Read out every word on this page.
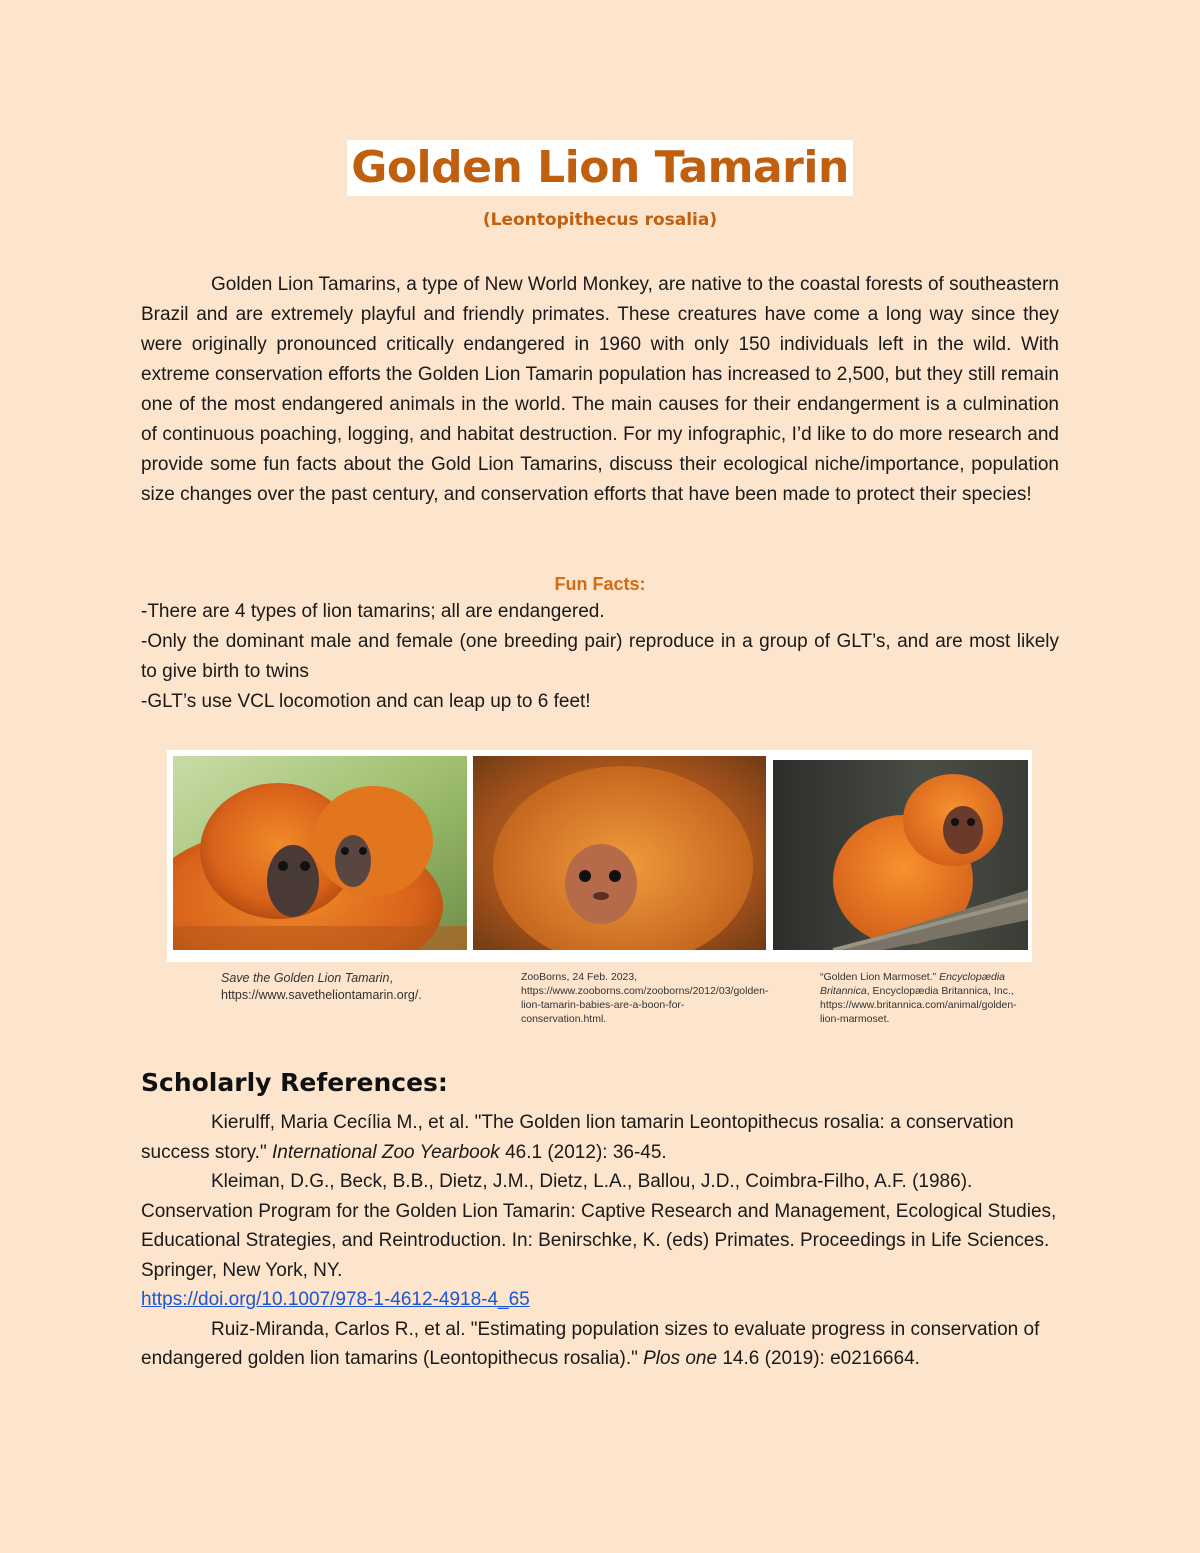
Golden Lion Tamarin
(Leontopithecus rosalia)

Golden Lion Tamarins, a type of New World Monkey, are native to the coastal forests of southeastern Brazil and are extremely playful and friendly primates. These creatures have come a long way since they were originally pronounced critically endangered in 1960 with only 150 individuals left in the wild. With extreme conservation efforts the Golden Lion Tamarin population has increased to 2,500, but they still remain one of the most endangered animals in the world. The main causes for their endangerment is a culmination of continuous poaching, logging, and habitat destruction. For my infographic, I’d like to do more research and provide some fun facts about the Gold Lion Tamarins, discuss their ecological niche/importance, population size changes over the past century, and conservation efforts that have been made to protect their species!

Fun Facts:
-There are 4 types of lion tamarins; all are endangered.
-Only the dominant male and female (one breeding pair) reproduce in a group of GLT’s, and are most likely to give birth to twins
-GLT’s use VCL locomotion and can leap up to 6 feet!
Save the Golden Lion Tamarin, https://www.savetheliontamarin.org/.
ZooBorns, 24 Feb. 2023, https://www.zooborns.com/zooborns/2012/03/golden-lion-tamarin-babies-are-a-boon-for-conservation.html.
“Golden Lion Marmoset.” Encyclopædia Britannica, Encyclopædia Britannica, Inc., https://www.britannica.com/animal/golden-lion-marmoset.
Scholarly References:
Kierulff, Maria Cecília M., et al. "The Golden lion tamarin Leontopithecus rosalia: a conservation success story." International Zoo Yearbook 46.1 (2012): 36-45.
Kleiman, D.G., Beck, B.B., Dietz, J.M., Dietz, L.A., Ballou, J.D., Coimbra-Filho, A.F. (1986). Conservation Program for the Golden Lion Tamarin: Captive Research and Management, Ecological Studies, Educational Strategies, and Reintroduction. In: Benirschke, K. (eds) Primates. Proceedings in Life Sciences. Springer, New York, NY.
https://doi.org/10.1007/978-1-4612-4918-4_65
Ruiz-Miranda, Carlos R., et al. "Estimating population sizes to evaluate progress in conservation of endangered golden lion tamarins (Leontopithecus rosalia)." Plos one 14.6 (2019): e0216664.
